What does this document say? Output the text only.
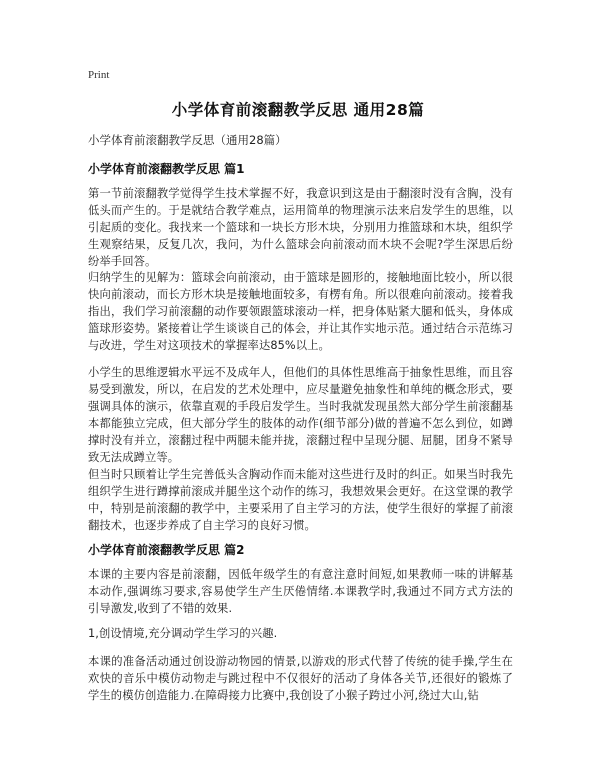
Print
小学体育前滚翻教学反思 通用28篇
小学体育前滚翻教学反思（通用28篇）
小学体育前滚翻教学反思 篇1

第一节前滚翻教学觉得学生技术掌握不好，我意识到这是由于翻滚时没有含胸，没有低头而产生的。于是就结合教学难点，运用简单的物理演示法来启发学生的思维，以引起质的变化。我找来一个篮球和一块长方形木块，分别用力推篮球和木块，组织学生观察结果，反复几次，我问，为什么篮球会向前滚动而木块不会呢?学生深思后纷纷举手回答。

归纳学生的见解为：篮球会向前滚动，由于篮球是圆形的，接触地面比较小，所以很快向前滚动，而长方形木块是接触地面较多，有楞有角。所以很难向前滚动。接着我指出，我们学习前滚翻的动作要领跟篮球滚动一样，把身体贴紧大腿和低头，身体成篮球形姿势。紧接着让学生谈谈自己的体会，并让其作实地示范。通过结合示范练习与改进，学生对这项技术的掌握率达85%以上。

小学生的思维逻辑水平远不及成年人，但他们的具体性思维高于抽象性思维，而且容易受到激发，所以，在启发的艺术处理中，应尽量避免抽象性和单纯的概念形式，要强调具体的演示，依靠直观的手段启发学生。当时我就发现虽然大部分学生前滚翻基本都能独立完成，但大部分学生的肢体的动作(细节部分)做的普遍不怎么到位，如蹲撑时没有并立，滚翻过程中两腿未能并拢，滚翻过程中呈现分腿、屈腿，团身不紧导致无法成蹲立等。

但当时只顾着让学生完善低头含胸动作而未能对这些进行及时的纠正。如果当时我先组织学生进行蹲撑前滚成并腿坐这个动作的练习，我想效果会更好。在这堂课的教学中，特别是前滚翻的教学中，主要采用了自主学习的方法，使学生很好的掌握了前滚翻技术，也逐步养成了自主学习的良好习惯。

小学体育前滚翻教学反思 篇2

本课的主要内容是前滚翻，因低年级学生的有意注意时间短,如果教师一味的讲解基本动作,强调练习要求,容易使学生产生厌倦情绪.本课教学时,我通过不同方式方法的引导激发,收到了不错的效果.

1,创设情境,充分调动学生学习的兴趣.

本课的准备活动通过创设游动物园的情景,以游戏的形式代替了传统的徒手操,学生在欢快的音乐中模仿动物走与跳过程中不仅很好的活动了身体各关节,还很好的锻炼了学生的模仿创造能力.在障碍接力比赛中,我创设了小猴子跨过小河,绕过大山,钻
